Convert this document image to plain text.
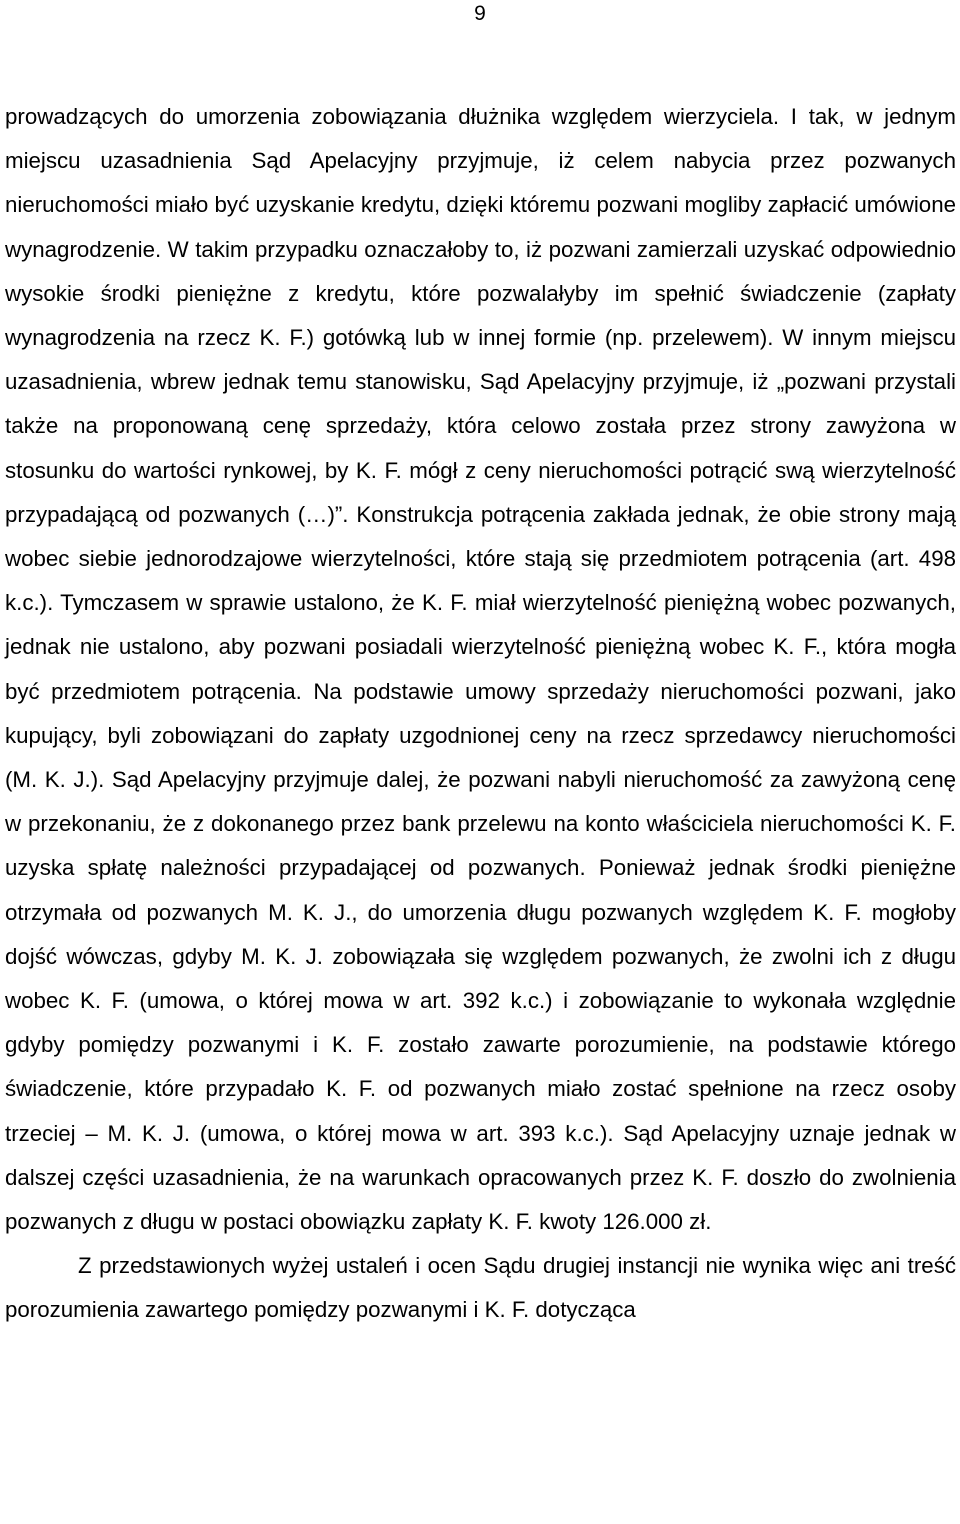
9

prowadzących do umorzenia zobowiązania dłużnika względem wierzyciela. I tak, w jednym miejscu uzasadnienia Sąd Apelacyjny przyjmuje, iż celem nabycia przez pozwanych nieruchomości miało być uzyskanie kredytu, dzięki któremu pozwani mogliby zapłacić umówione wynagrodzenie. W takim przypadku oznaczałoby to, iż pozwani zamierzali uzyskać odpowiednio wysokie środki pieniężne z kredytu, które pozwalałyby im spełnić świadczenie (zapłaty wynagrodzenia na rzecz K. F.) gotówką lub w innej formie (np. przelewem). W innym miejscu uzasadnienia, wbrew jednak temu stanowisku, Sąd Apelacyjny przyjmuje, iż „pozwani przystali także na proponowaną cenę sprzedaży, która celowo została przez strony zawyżona w stosunku do wartości rynkowej, by K. F. mógł z ceny nieruchomości potrącić swą wierzytelność przypadającą od pozwanych (…)”. Konstrukcja potrącenia zakłada jednak, że obie strony mają wobec siebie jednorodzajowe wierzytelności, które stają się przedmiotem potrącenia (art. 498 k.c.). Tymczasem w sprawie ustalono, że K. F. miał wierzytelność pieniężną wobec pozwanych, jednak nie ustalono, aby pozwani posiadali wierzytelność pieniężną wobec K. F., która mogła być przedmiotem potrącenia. Na podstawie umowy sprzedaży nieruchomości pozwani, jako kupujący, byli zobowiązani do zapłaty uzgodnionej ceny na rzecz sprzedawcy nieruchomości (M. K. J.). Sąd Apelacyjny przyjmuje dalej, że pozwani nabyli nieruchomość za zawyżoną cenę w przekonaniu, że z dokonanego przez bank przelewu na konto właściciela nieruchomości K. F. uzyska spłatę należności przypadającej od pozwanych. Ponieważ jednak środki pieniężne otrzymała od pozwanych M. K. J., do umorzenia długu pozwanych względem K. F. mogłoby dojść wówczas, gdyby M. K. J. zobowiązała się względem pozwanych, że zwolni ich z długu wobec K. F. (umowa, o której mowa w art. 392 k.c.) i zobowiązanie to wykonała względnie gdyby pomiędzy pozwanymi i K. F. zostało zawarte porozumienie, na podstawie którego świadczenie, które przypadało K. F. od pozwanych miało zostać spełnione na rzecz osoby trzeciej – M. K. J. (umowa, o której mowa w art. 393 k.c.). Sąd Apelacyjny uznaje jednak w dalszej części uzasadnienia, że na warunkach opracowanych przez K. F. doszło do zwolnienia pozwanych z długu w postaci obowiązku zapłaty K. F. kwoty 126.000 zł.

Z przedstawionych wyżej ustaleń i ocen Sądu drugiej instancji nie wynika więc ani treść porozumienia zawartego pomiędzy pozwanymi i K. F. dotycząca
